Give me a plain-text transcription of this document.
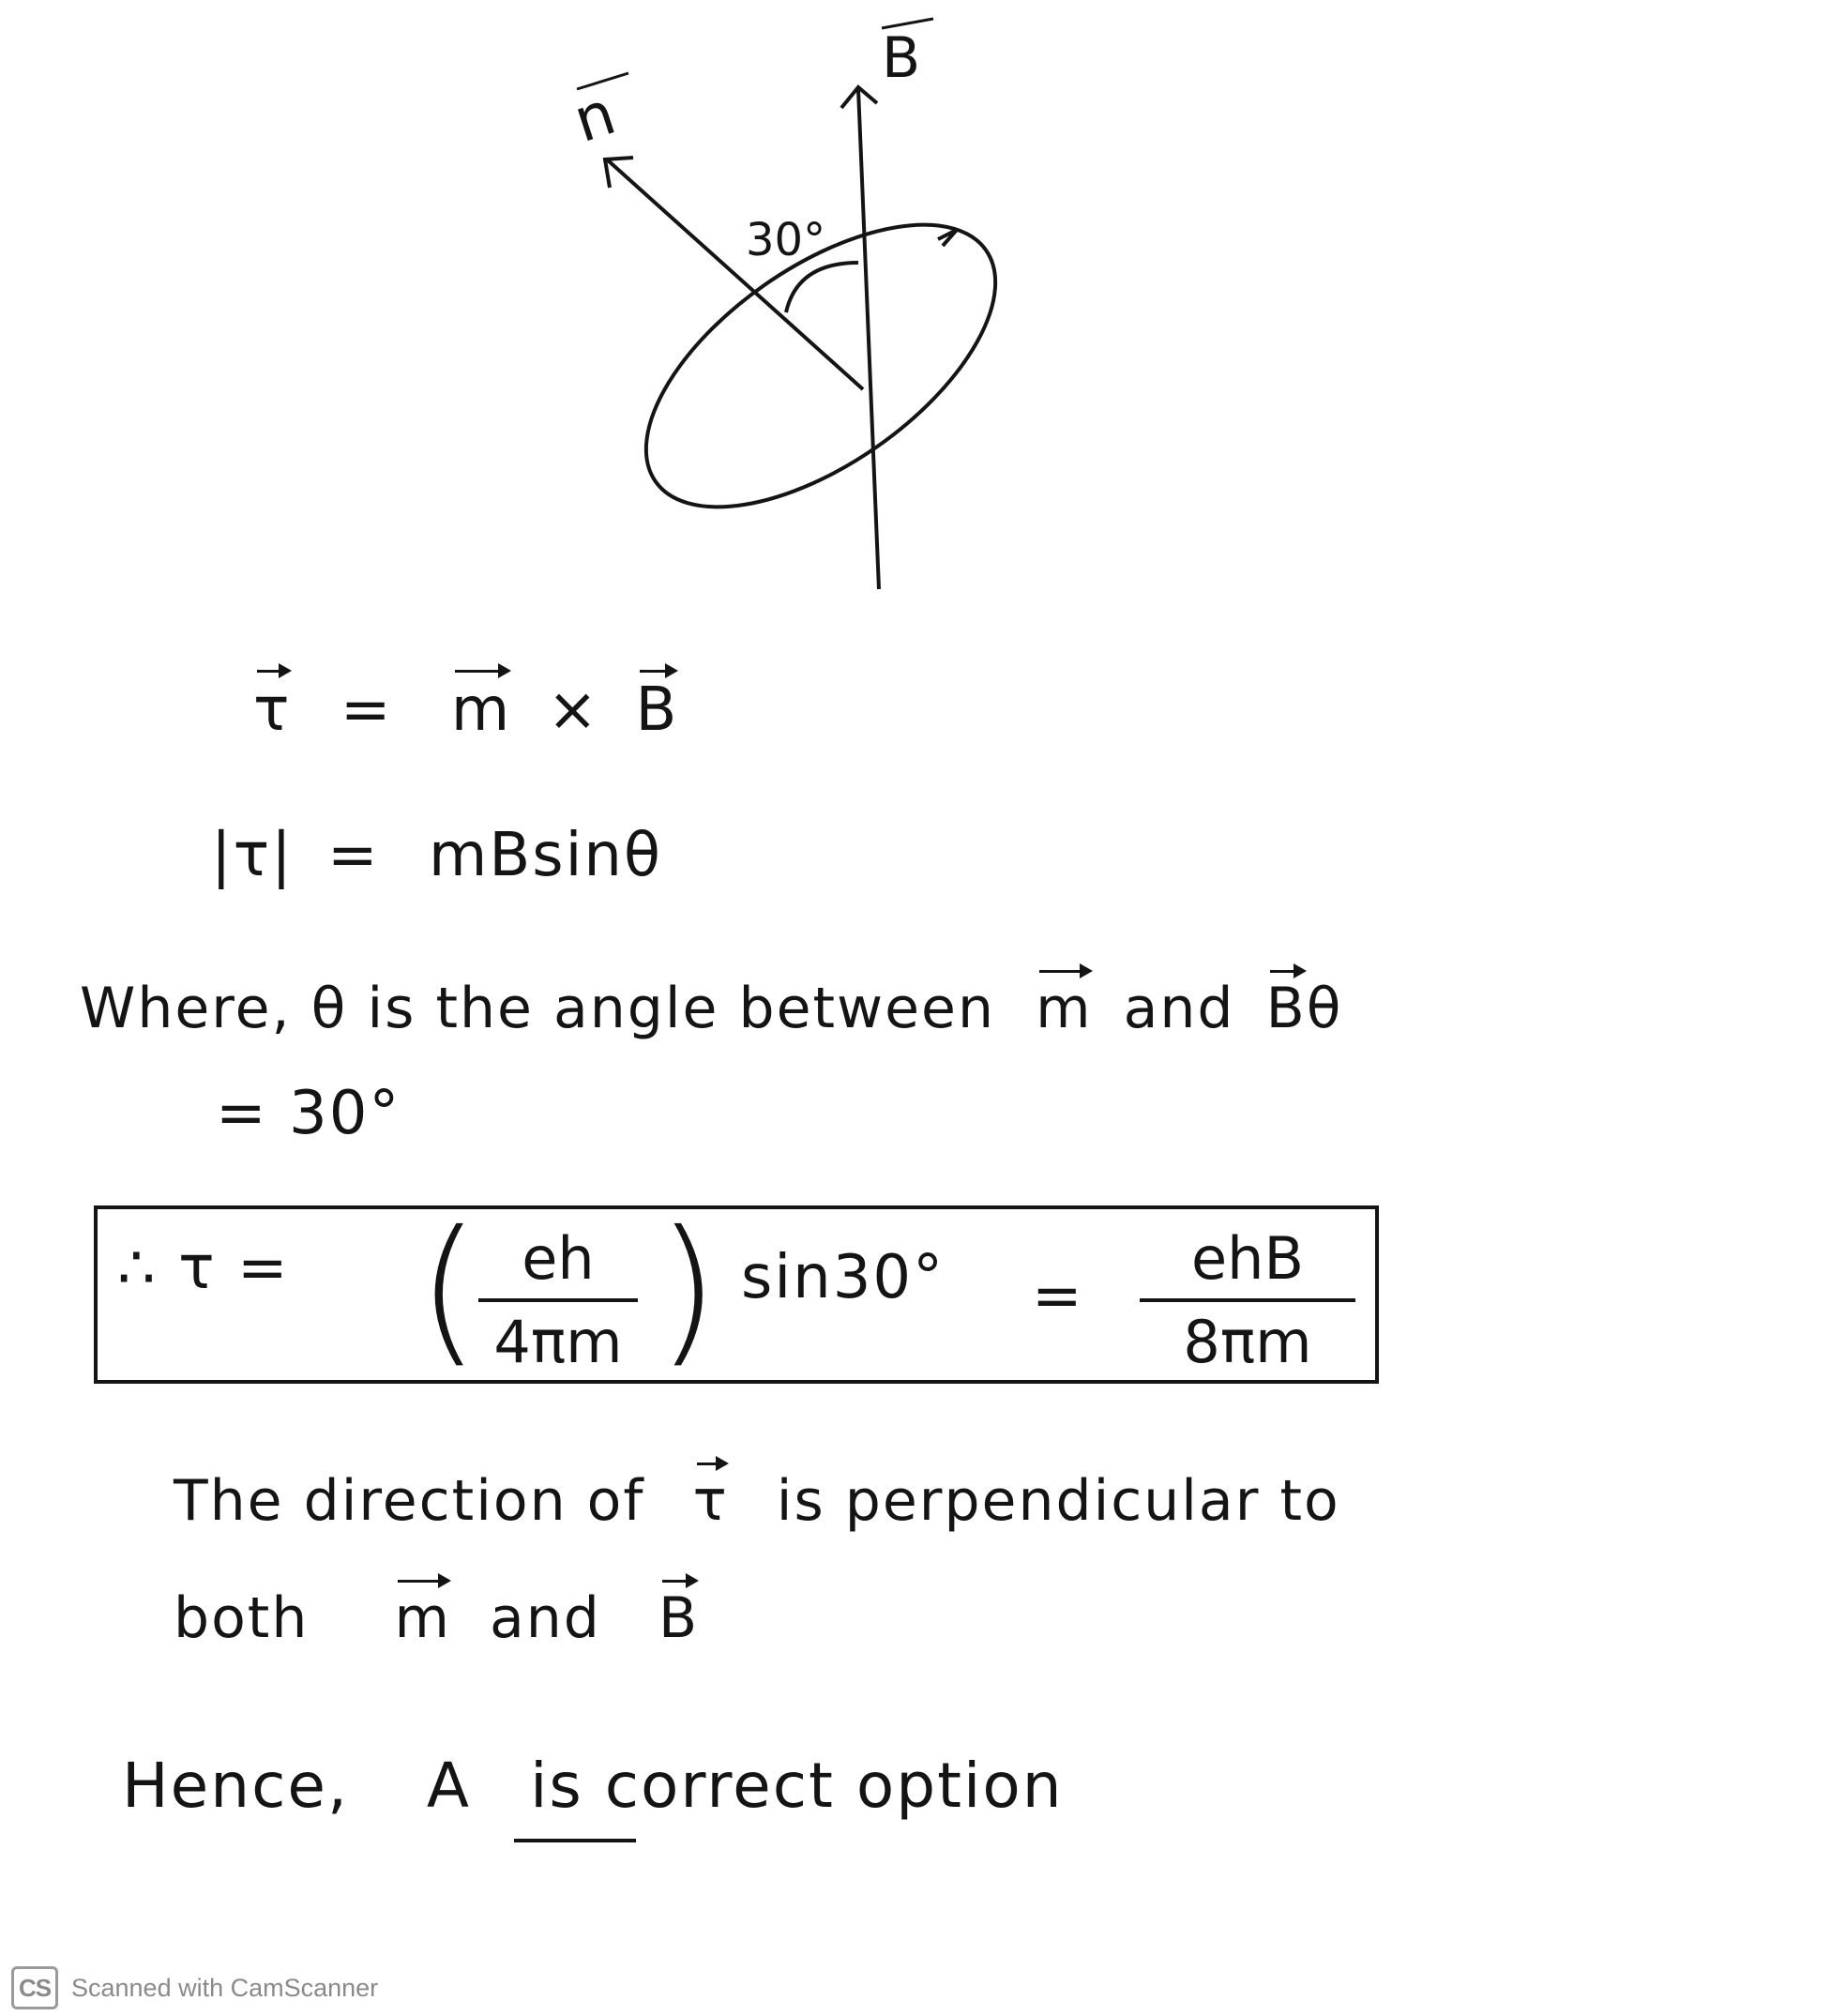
n
B
30°
τ = m × B
|τ| = mBsinθ
Where, θ is the angle between m and Bθ
= 30°
∴ τ = (
$\frac{eh}{4\pi m}$ ) sin30° =
ehB
8πm
The direction of τ is perpendicular to
both m and B
Hence, A is correct option
CS Scanned with CamScanner
